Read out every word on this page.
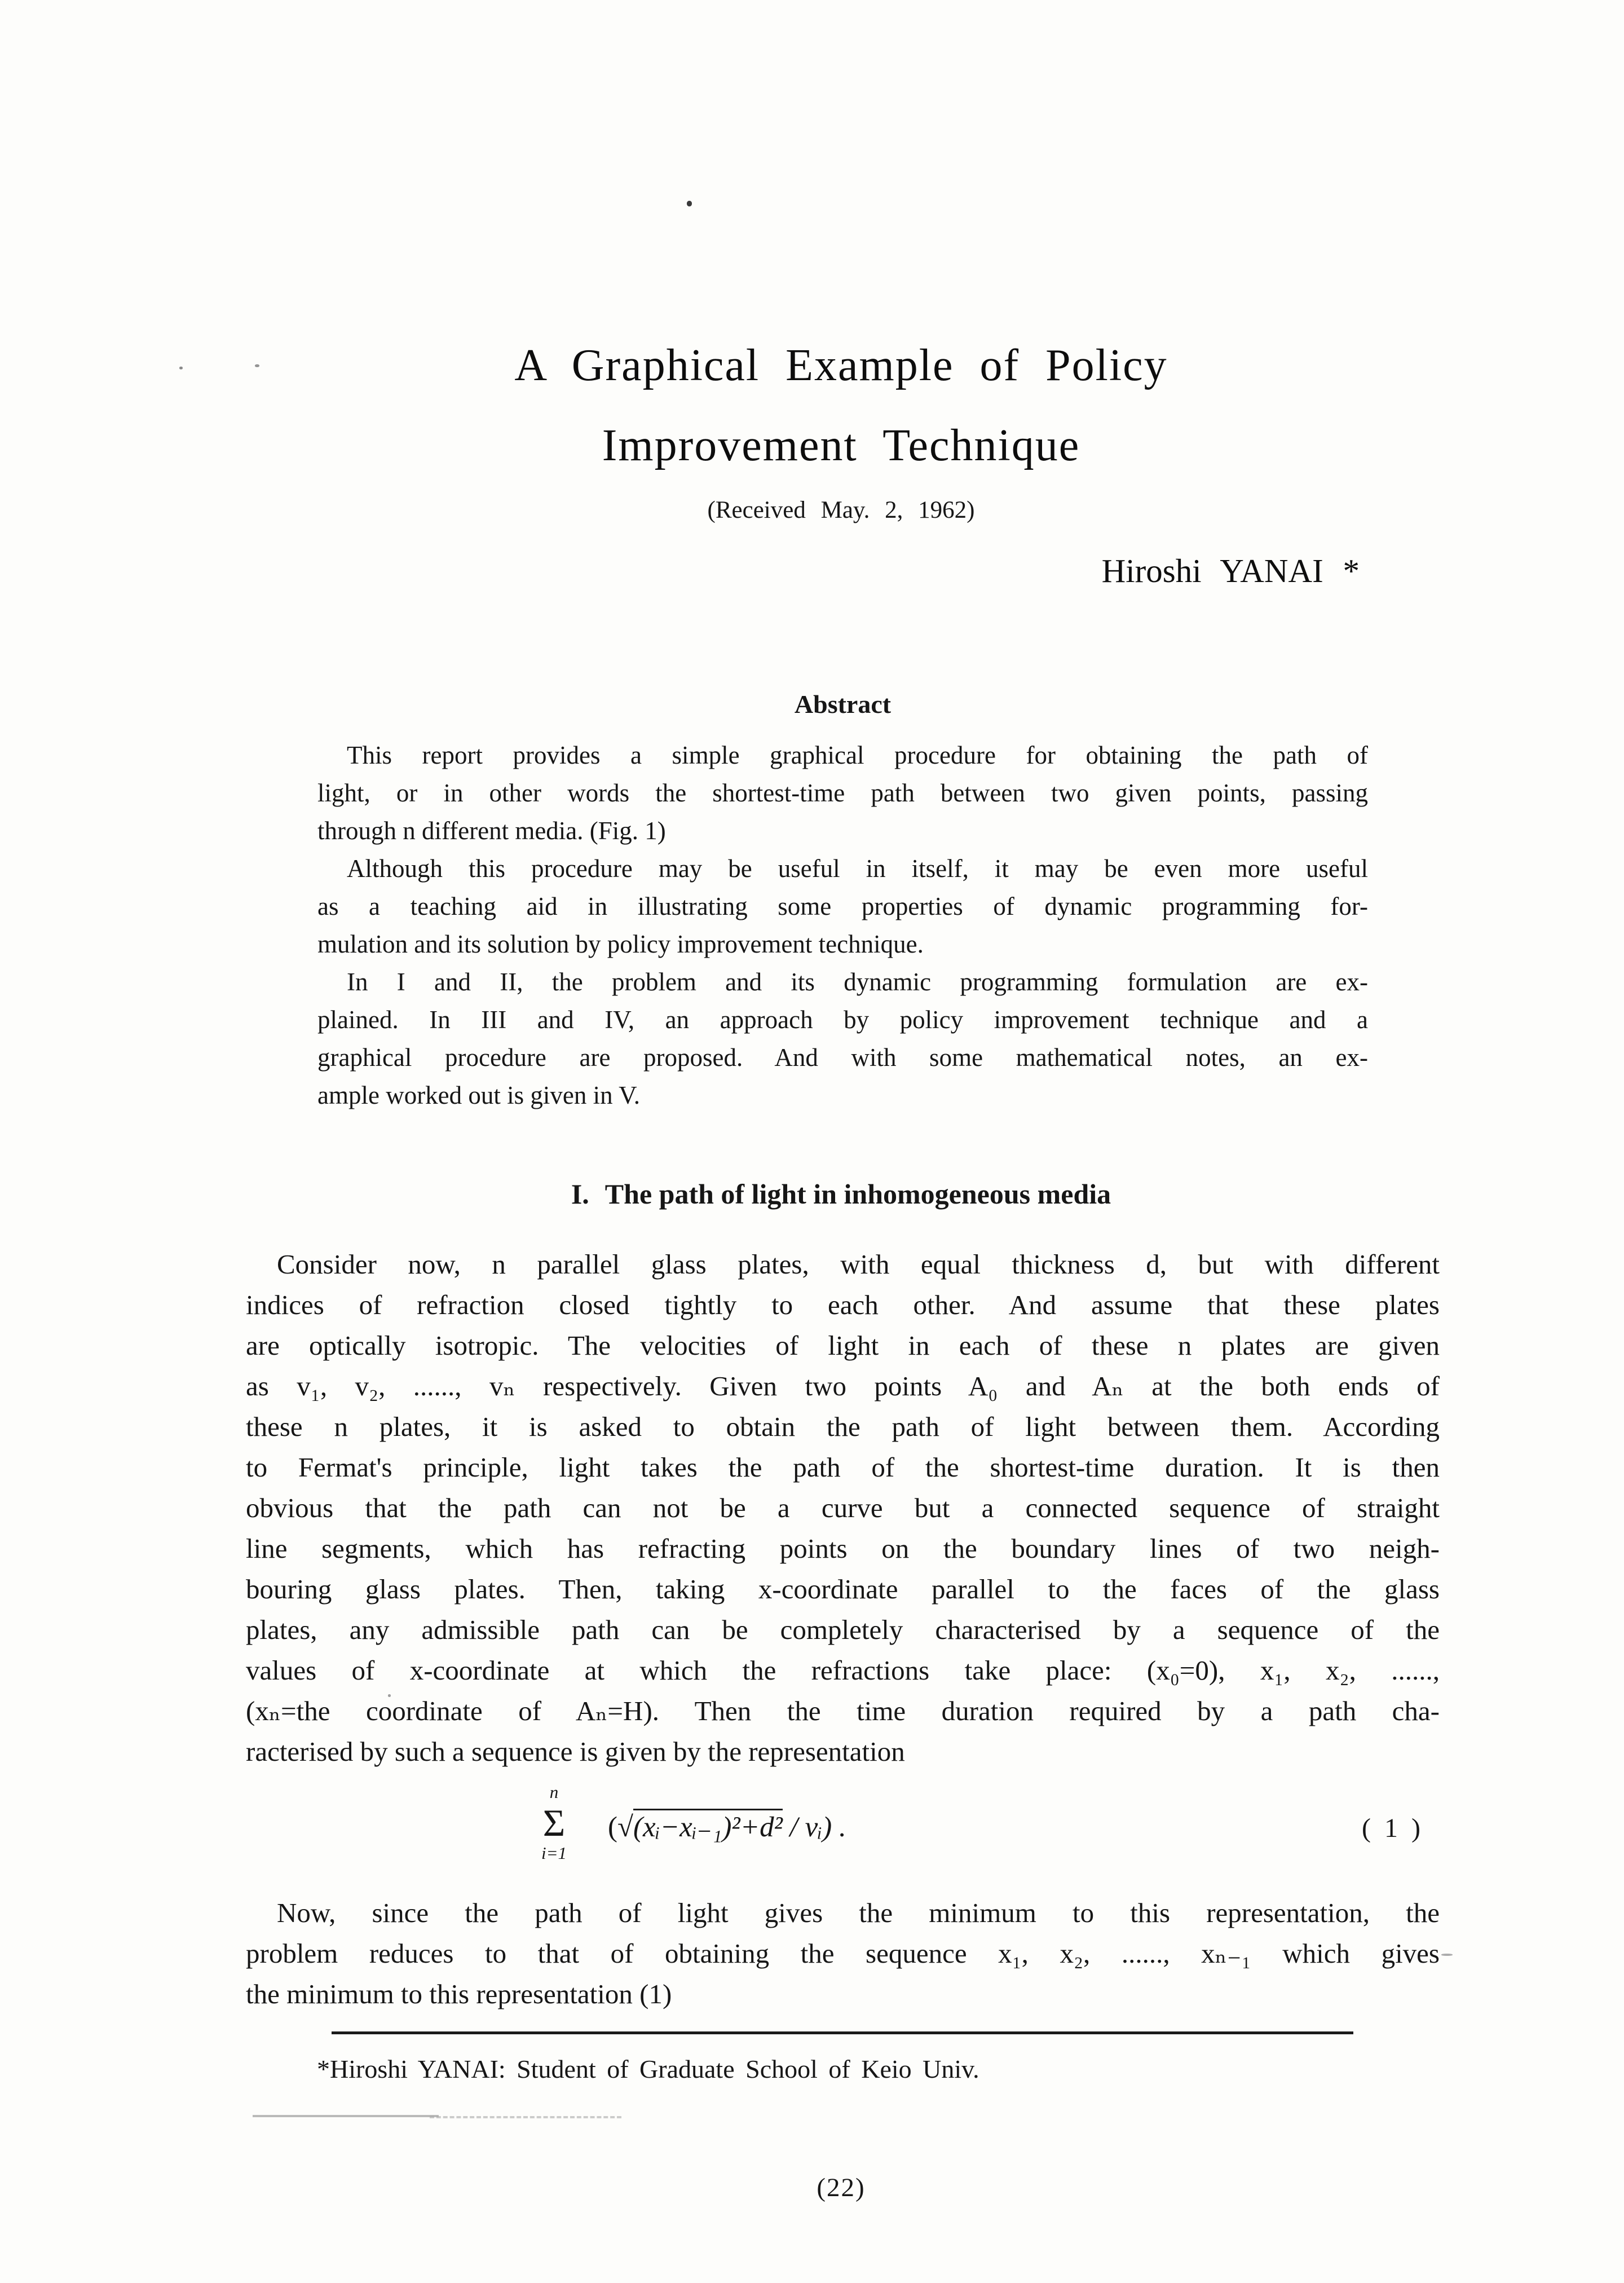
A Graphical Example of Policy
Improvement Technique
(Received May. 2, 1962)
Hiroshi YANAI *
Abstract
This report provides a simple graphical procedure for obtaining the path of
light, or in other words the shortest-time path between two given points, passing
through n different media. (Fig. 1)
Although this procedure may be useful in itself, it may be even more useful
as a teaching aid in illustrating some properties of dynamic programming for-
mulation and its solution by policy improvement technique.
In I and II, the problem and its dynamic programming formulation are ex-
plained. In III and IV, an approach by policy improvement technique and a
graphical procedure are proposed. And with some mathematical notes, an ex-
ample worked out is given in V.
I. The path of light in inhomogeneous media
Consider now, n parallel glass plates, with equal thickness d, but with different
indices of refraction closed tightly to each other. And assume that these plates
are optically isotropic. The velocities of light in each of these n plates are given
as v₁, v₂, ......, vₙ respectively. Given two points A₀ and Aₙ at the both ends of
these n plates, it is asked to obtain the path of light between them. According
to Fermat's principle, light takes the path of the shortest-time duration. It is then
obvious that the path can not be a curve but a connected sequence of straight
line segments, which has refracting points on the boundary lines of two neigh-
bouring glass plates. Then, taking x-coordinate parallel to the faces of the glass
plates, any admissible path can be completely characterised by a sequence of the
values of x-coordinate at which the refractions take place: (x₀=0), x₁, x₂, ......,
(xₙ=the coordinate of Aₙ=H). Then the time duration required by a path cha-
racterised by such a sequence is given by the representation
n
Σ
i=1
(√(xᵢ−xᵢ₋₁)²+d² / vᵢ) .	( 1 )
Now, since the path of light gives the minimum to this representation, the
problem reduces to that of obtaining the sequence x₁, x₂, ......, xₙ₋₁ which gives
the minimum to this representation (1)
*Hiroshi YANAI: Student of Graduate School of Keio Univ.
(22)
